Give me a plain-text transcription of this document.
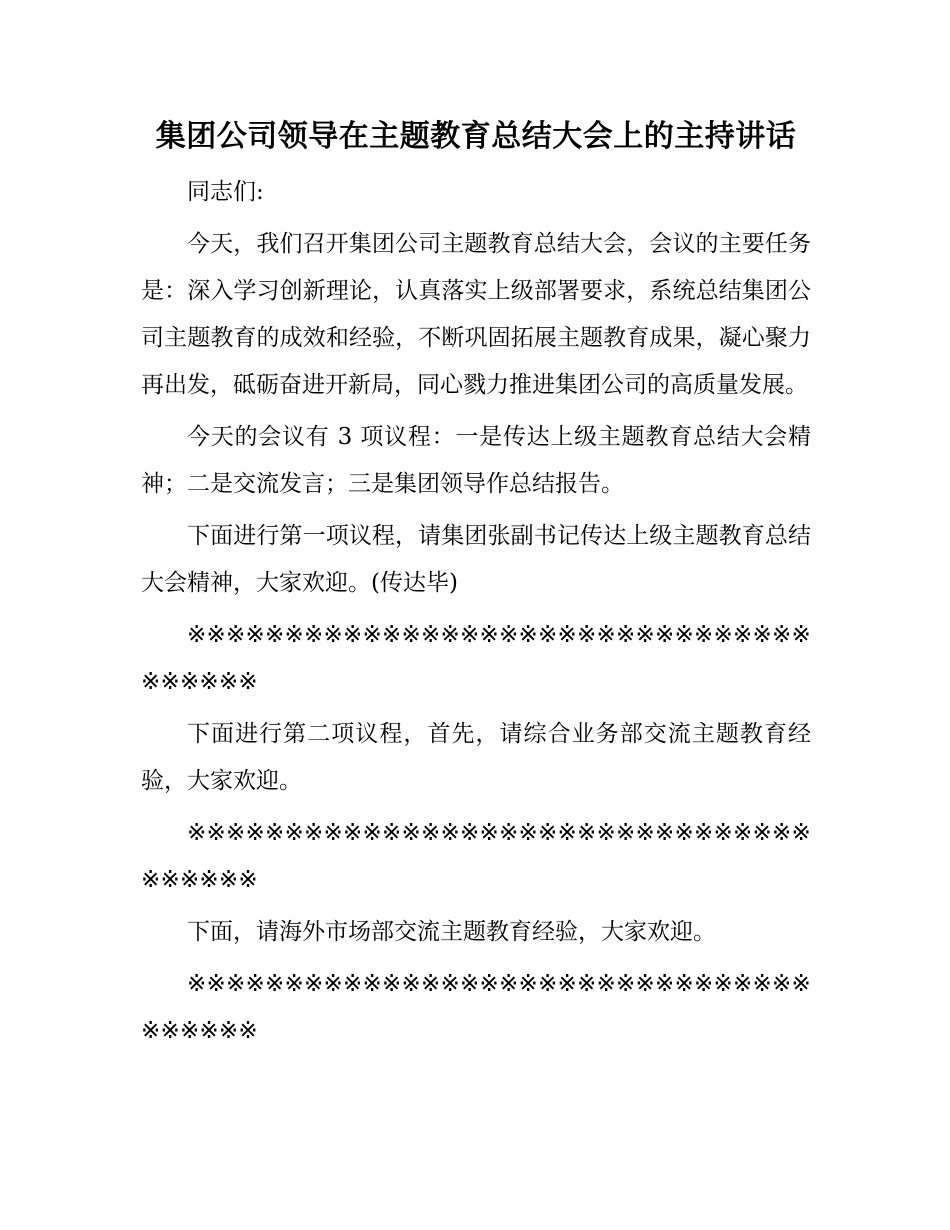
集团公司领导在主题教育总结大会上的主持讲话

同志们:

今天，我们召开集团公司主题教育总结大会，会议的主要任务是：深入学习创新理论，认真落实上级部署要求，系统总结集团公司主题教育的成效和经验，不断巩固拓展主题教育成果，凝心聚力再出发，砥砺奋进开新局，同心戮力推进集团公司的高质量发展。

今天的会议有 3 项议程：一是传达上级主题教育总结大会精神；二是交流发言；三是集团领导作总结报告。

下面进行第一项议程，请集团张副书记传达上级主题教育总结大会精神，大家欢迎。(传达毕)

※※※※※※※※※※※※※※※※※※※※※※※※※※※※※※※※※※※※※※

下面进行第二项议程，首先，请综合业务部交流主题教育经验，大家欢迎。

※※※※※※※※※※※※※※※※※※※※※※※※※※※※※※※※※※※※※※

下面，请海外市场部交流主题教育经验，大家欢迎。

※※※※※※※※※※※※※※※※※※※※※※※※※※※※※※※※※※※※※※
